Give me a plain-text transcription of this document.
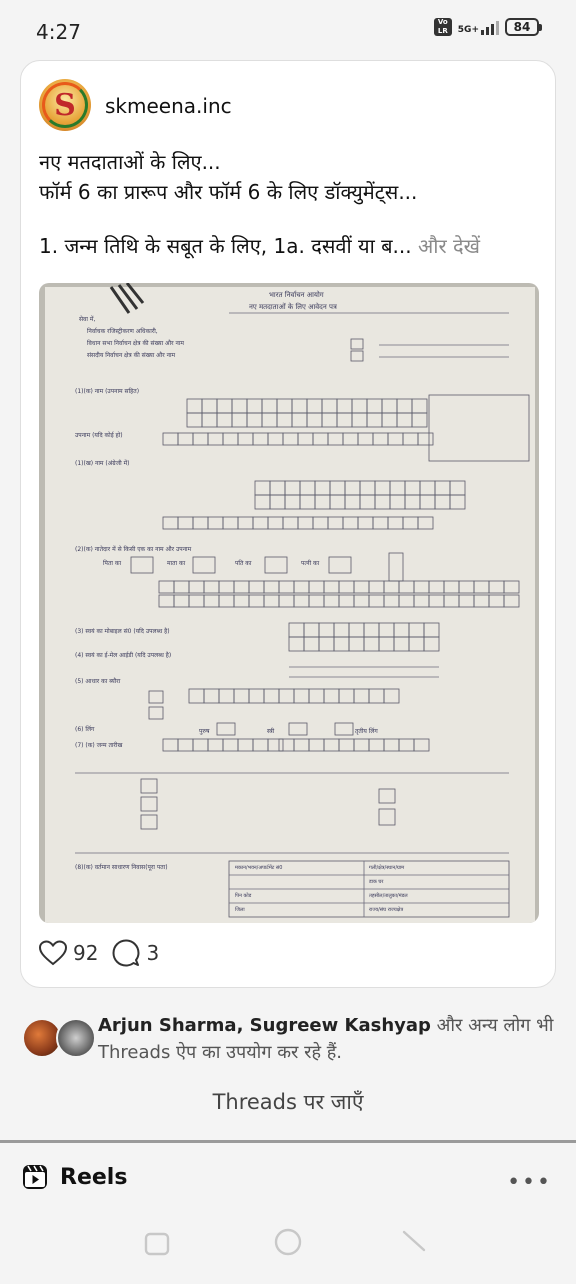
4:27	Vo
LR	5G+	84
S skmeena.inc
नए मतदाताओं के लिए...
फॉर्म 6 का प्रारूप और फॉर्म 6 के लिए डॉक्युमेंट्स...
1. जन्म तिथि के सबूत के लिए, 1a. दसवीं या ब... और देखें
भारत निर्वाचन आयोग
नए मतदाताओं के लिए आवेदन पत्र
सेवा में,
निर्वाचक रजिस्ट्रीकरण अधिकारी,
विधान सभा निर्वाचन क्षेत्र की संख्या और नाम
संसदीय निर्वाचन क्षेत्र की संख्या और नाम
(1)(क) नाम (उपनाम सहित)
(1)(ख) नाम (अंग्रेजी में)
उपनाम (यदि कोई हो)
(2)(क) नातेदार में से किसी एक का नाम और उपनाम
पिता का	माता का	पति का	पत्नी का
(3) स्वयं का मोबाइल सं0 (यदि उपलब्ध है)
(4) स्वयं का ई-मेल आईडी (यदि उपलब्ध है)
(5) आधार का ब्यौरा
(6) लिंग	पुरुष	स्त्री	तृतीय लिंग
(7) (क) जन्म तारीख
(8)(क) वर्तमान साधारण निवास(पूरा पता)	मकान/भवन/अपार्टमेंट सं0	गली/क्षेत्र/स्थान/ग्राम
डाक घर
पिन कोड	तहसील/तालुका/मंडल
जिला	राज्य/संघ राज्यक्षेत्र
92 3
Arjun Sharma, Sugreew Kashyap और अन्य लोग भी Threads ऐप का उपयोग कर रहे हैं.
Threads पर जाएँ
Reels	•••
